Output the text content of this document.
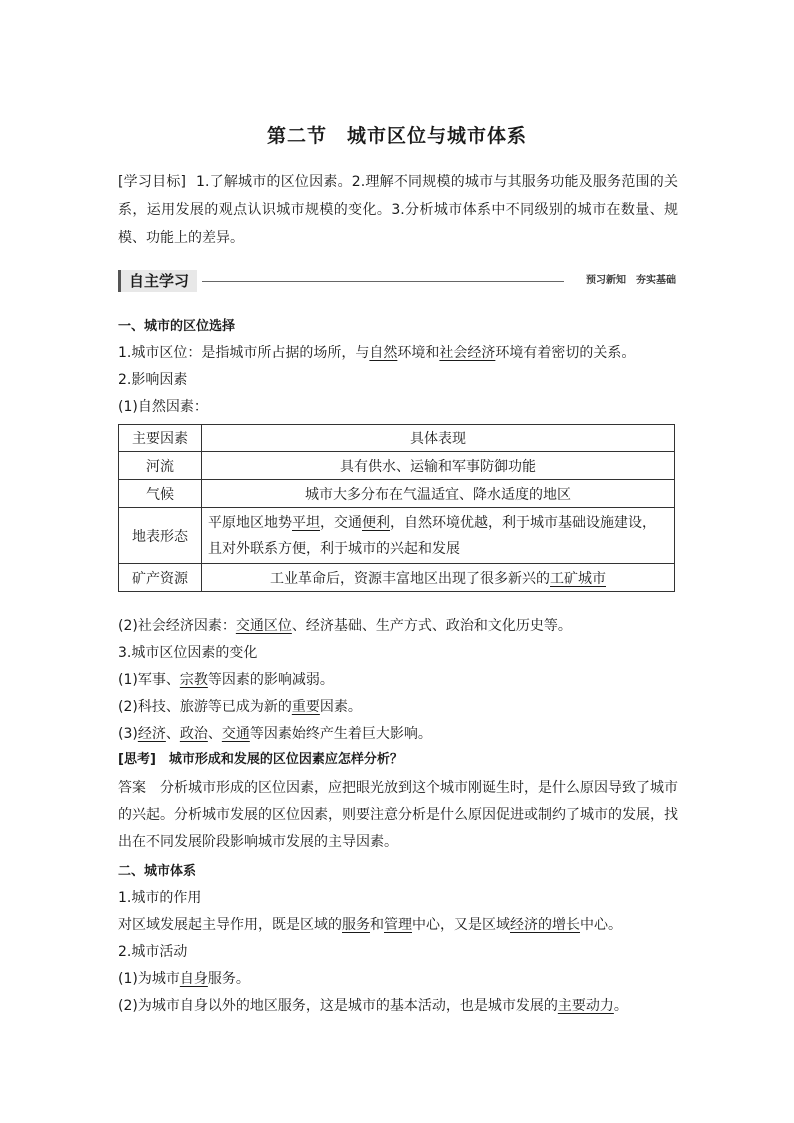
第二节　城市区位与城市体系
[学习目标] 1.了解城市的区位因素。2.理解不同规模的城市与其服务功能及服务范围的关系，运用发展的观点认识城市规模的变化。3.分析城市体系中不同级别的城市在数量、规模、功能上的差异。
自主学习	预习新知　夯实基础
一、城市的区位选择
1.城市区位：是指城市所占据的场所，与自然环境和社会经济环境有着密切的关系。
2.影响因素
(1)自然因素：
主要因素	具体表现
河流	具有供水、运输和军事防御功能
气候	城市大多分布在气温适宜、降水适度的地区
地表形态	平原地区地势平坦，交通便利，自然环境优越，利于城市基础设施建设，且对外联系方便，利于城市的兴起和发展
矿产资源	工业革命后，资源丰富地区出现了很多新兴的工矿城市
(2)社会经济因素：交通区位、经济基础、生产方式、政治和文化历史等。
3.城市区位因素的变化
(1)军事、宗教等因素的影响减弱。
(2)科技、旅游等已成为新的重要因素。
(3)经济、政治、交通等因素始终产生着巨大影响。
[思考]　城市形成和发展的区位因素应怎样分析？
答案 分析城市形成的区位因素，应把眼光放到这个城市刚诞生时，是什么原因导致了城市的兴起。分析城市发展的区位因素，则要注意分析是什么原因促进或制约了城市的发展，找出在不同发展阶段影响城市发展的主导因素。
二、城市体系
1.城市的作用
对区域发展起主导作用，既是区域的服务和管理中心，又是区域经济的增长中心。
2.城市活动
(1)为城市自身服务。
(2)为城市自身以外的地区服务，这是城市的基本活动，也是城市发展的主要动力。
